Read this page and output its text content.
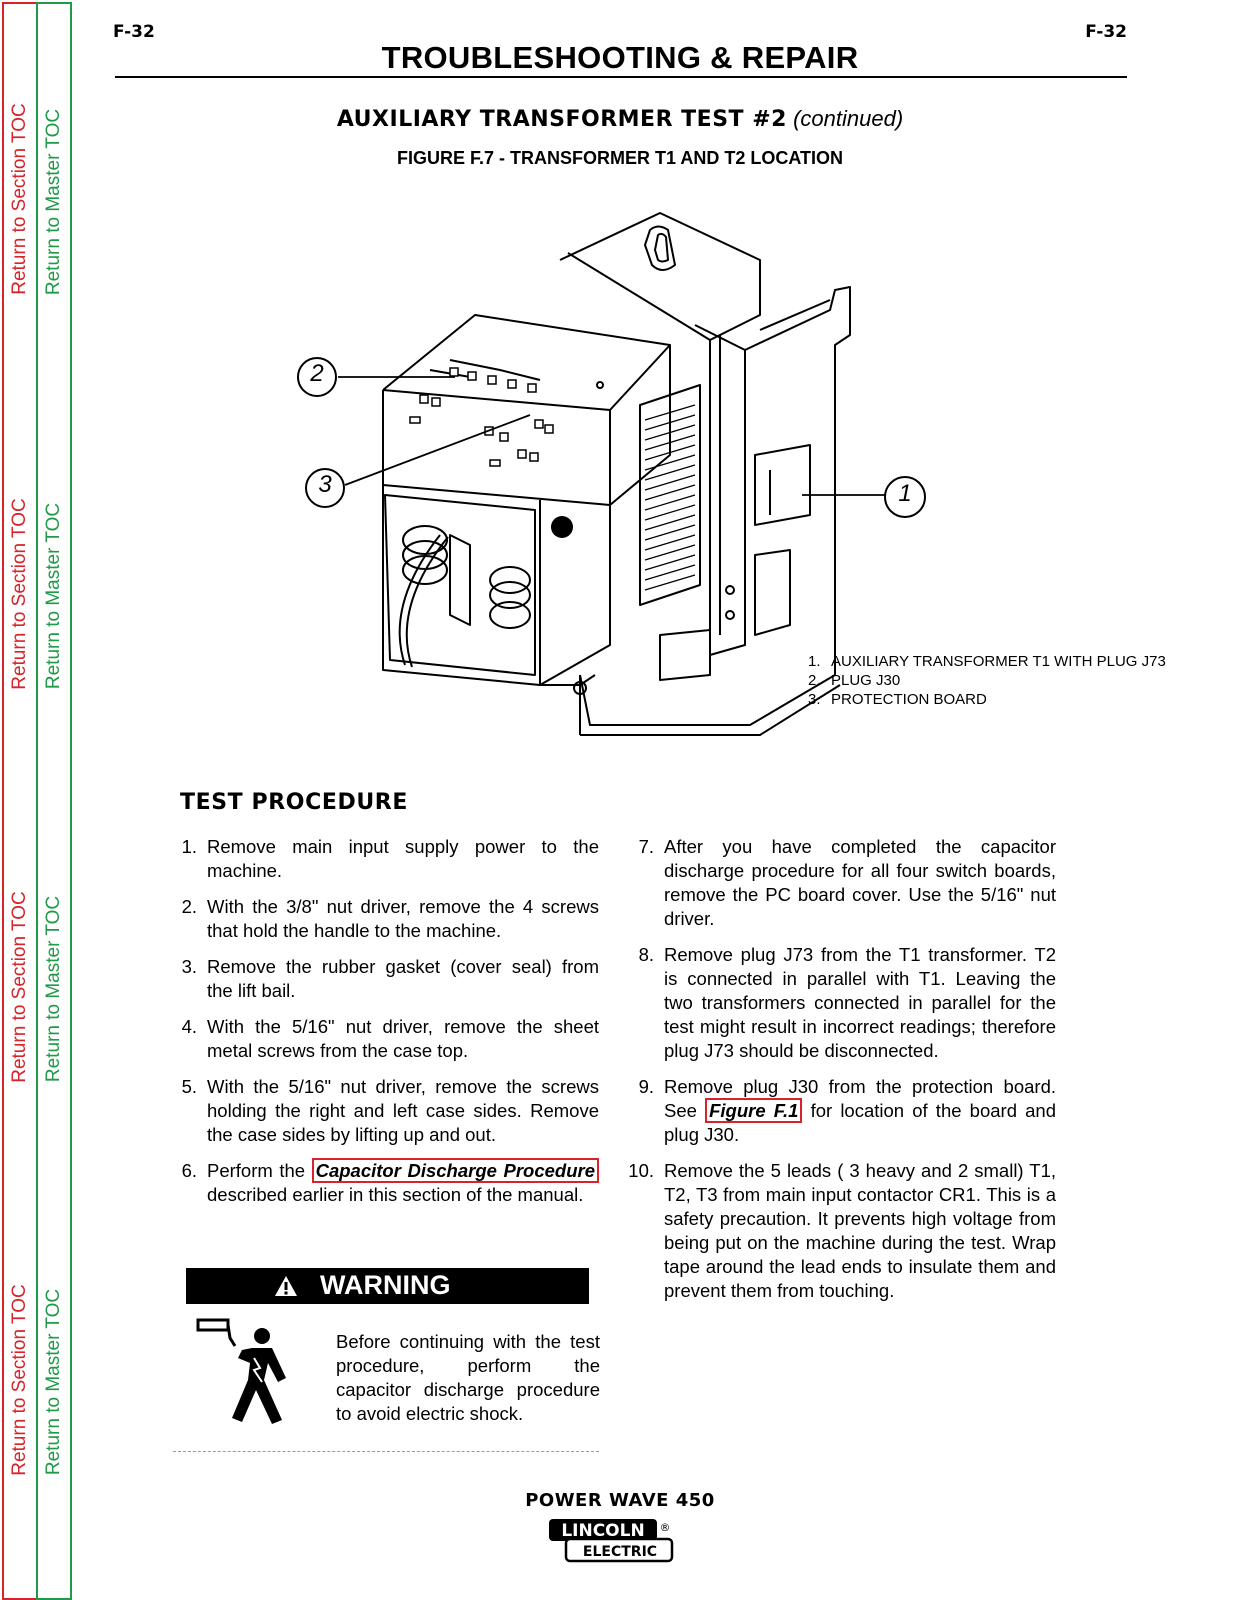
Return to Section TOC
Return to Section TOC
Return to Section TOC
Return to Section TOC
Return to Master TOC
Return to Master TOC
Return to Master TOC
Return to Master TOC
F-32	F-32
TROUBLESHOOTING & REPAIR
AUXILIARY TRANSFORMER TEST #2 (continued)
FIGURE F.7 - TRANSFORMER T1 AND T2 LOCATION
2
3	1
1. AUXILIARY TRANSFORMER T1 WITH PLUG J73
2. PLUG J30
3. PROTECTION BOARD
TEST PROCEDURE
1. Remove main input supply power to the machine.
2. With the 3/8" nut driver, remove the 4 screws that hold the handle to the machine.
3. Remove the rubber gasket (cover seal) from the lift bail.
4. With the 5/16" nut driver, remove the sheet metal screws from the case top.
5. With the 5/16" nut driver, remove the screws holding the right and left case sides. Remove the case sides by lifting up and out.
6. Perform the Capacitor Discharge Procedure described earlier in this section of the manual.
WARNING
Before continuing with the test procedure, perform the capacitor discharge procedure to avoid electric shock.
7. After you have completed the capacitor discharge procedure for all four switch boards, remove the PC board cover. Use the 5/16" nut driver.
8. Remove plug J73 from the T1 transformer. T2 is connected in parallel with T1. Leaving the two transformers connected in parallel for the test might result in incorrect readings; therefore plug J73 should be disconnected.
9. Remove plug J30 from the protection board. See Figure F.1 for location of the board and plug J30.
10. Remove the 5 leads ( 3 heavy and 2 small) T1, T2, T3 from main input contactor CR1. This is a safety precaution. It prevents high voltage from being put on the machine during the test. Wrap tape around the lead ends to insulate them and prevent them from touching.
POWER WAVE 450
LINCOLN
ELECTRIC
®
